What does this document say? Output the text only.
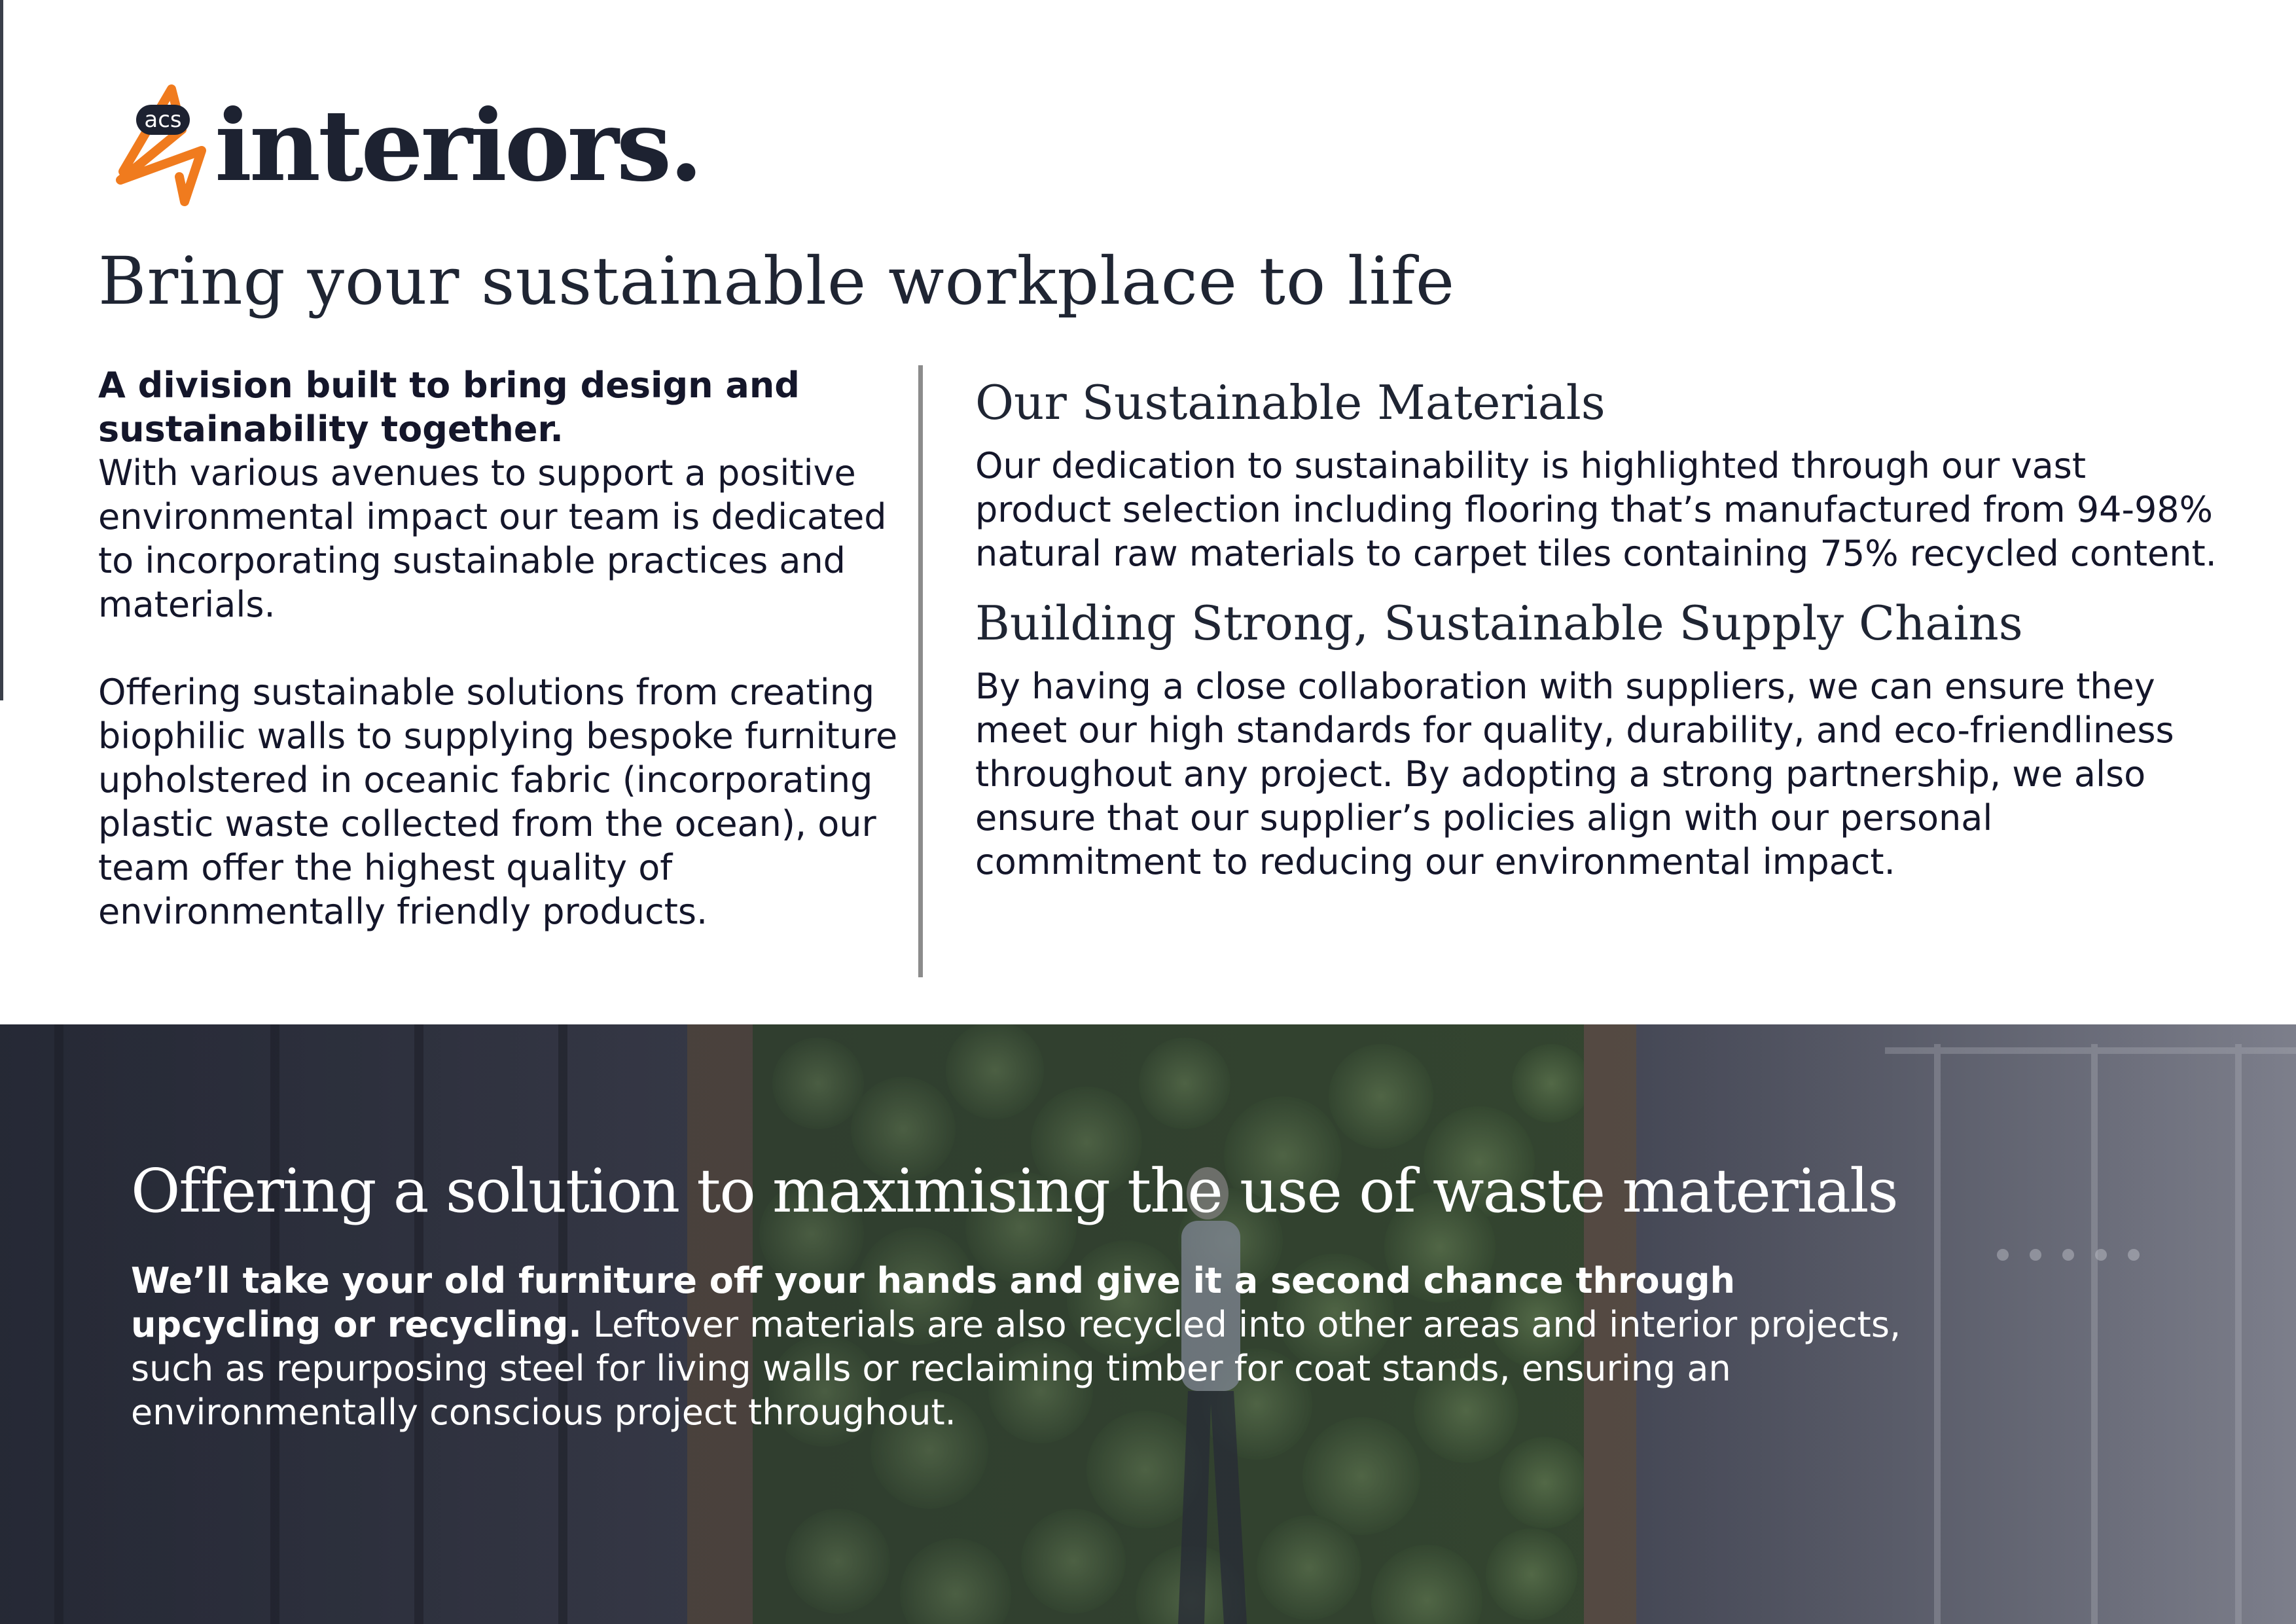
acs interiors.
Bring your sustainable workplace to life

A division built to bring design and sustainability together.

With various avenues to support a positive environmental impact our team is dedicated to incorporating sustainable practices and materials.

Offering sustainable solutions from creating biophilic walls to supplying bespoke furniture upholstered in oceanic fabric (incorporating plastic waste collected from the ocean), our team offer the highest quality of environmentally friendly products.

Our Sustainable Materials

Our dedication to sustainability is highlighted through our vast product selection including flooring that’s manufactured from 94-98% natural raw materials to carpet tiles containing 75% recycled content.

Building Strong, Sustainable Supply Chains

By having a close collaboration with suppliers, we can ensure they meet our high standards for quality, durability, and eco-friendliness throughout any project. By adopting a strong partnership, we also ensure that our supplier’s policies align with our personal commitment to reducing our environmental impact.

Offering a solution to maximising the use of waste materials

We’ll take your old furniture off your hands and give it a second chance through upcycling or recycling. Leftover materials are also recycled into other areas and interior projects, such as repurposing steel for living walls or reclaiming timber for coat stands, ensuring an environmentally conscious project throughout.
